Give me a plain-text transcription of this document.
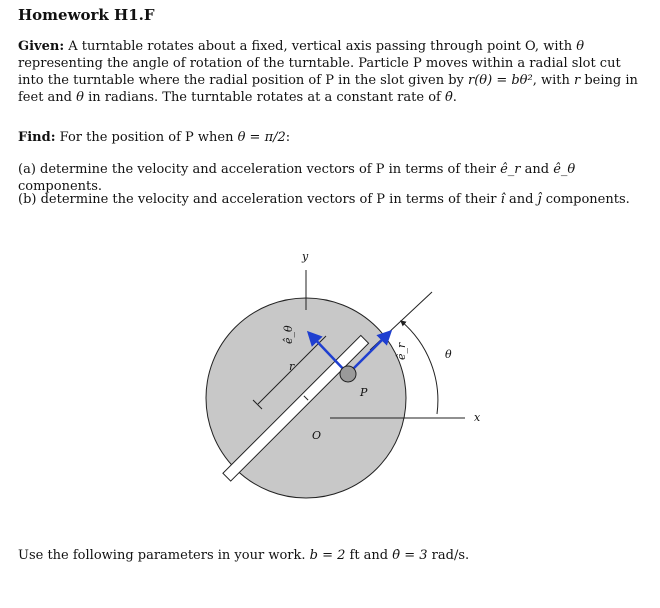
Homework H1.F
Given: A turntable rotates about a fixed, vertical axis passing through point O, with θ representing the angle of rotation of the turntable. Particle P moves within a radial slot cut into the turntable where the radial position of P in the slot given by r(θ) = bθ², with r being in feet and θ in radians. The turntable rotates at a constant rate of θ̇.
Find: For the position of P when θ = π/2:
(a) determine the velocity and acceleration vectors of P in terms of their ê_r and ê_θ components.
(b) determine the velocity and acceleration vectors of P in terms of their î and ĵ components.
y
x
θ
r
ê_θ
ê_r
P
O
Use the following parameters in your work. b = 2 ft and θ̇ = 3 rad/s.
